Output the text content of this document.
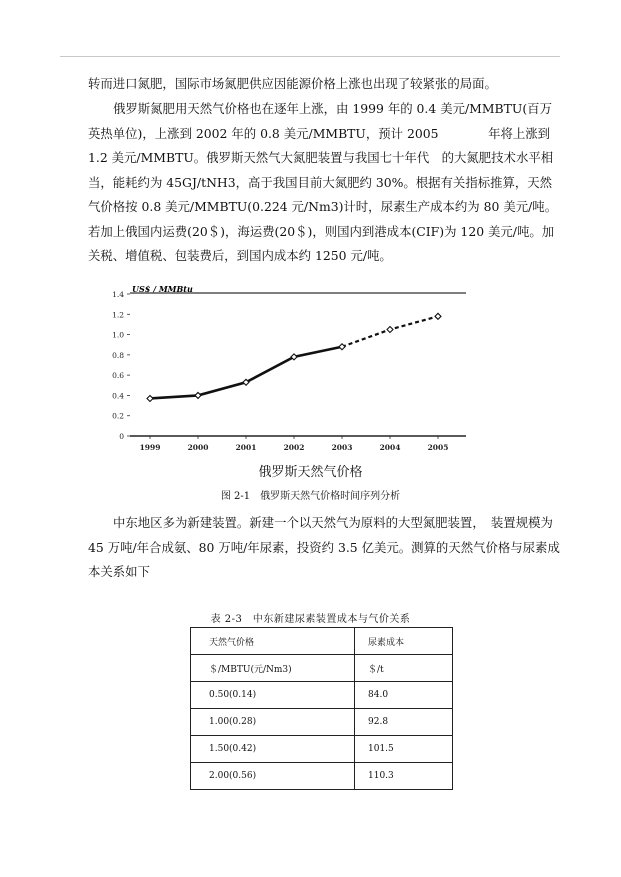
转而进口氮肥，国际市场氮肥供应因能源价格上涨也出现了较紧张的局面。

俄罗斯氮肥用天然气价格也在逐年上涨，由 1999 年的 0.4 美元/MMBTU(百万英热单位)，上涨到 2002 年的 0.8 美元/MMBTU，预计 2005　　　　年将上涨到 1.2 美元/MMBTU。俄罗斯天然气大氮肥装置与我国七十年代　的大氮肥技术水平相当，能耗约为 45GJ/tNH3，高于我国目前大氮肥约 30%。根据有关指标推算，天然气价格按 0.8 美元/MMBTU(0.224 元/Nm3)计时，尿素生产成本约为 80 美元/吨。若加上俄国内运费(20＄)，海运费(20＄)，则国内到港成本(CIF)为 120 美元/吨。加关税、增值税、包装费后，到国内成本约 1250 元/吨。

US$ / MMBtu
0
0.2
0.4
0.6
0.8
1.0
1.2
1.4
1999	2000	2001	2002	2003	2004	2005
俄罗斯天然气价格
图 2-1　俄罗斯天然气价格时间序列分析

中东地区多为新建装置。新建一个以天然气为原料的大型氮肥装置，　装置规模为 45 万吨/年合成氨、80 万吨/年尿素，投资约 3.5 亿美元。测算的天然气价格与尿素成本关系如下

表 2-3　中东新建尿素装置成本与气价关系
天然气价格	尿素成本
＄/MBTU(元/Nm3)	＄/t
0.50(0.14)	84.0
1.00(0.28)	92.8
1.50(0.42)	101.5
2.00(0.56)	110.3
